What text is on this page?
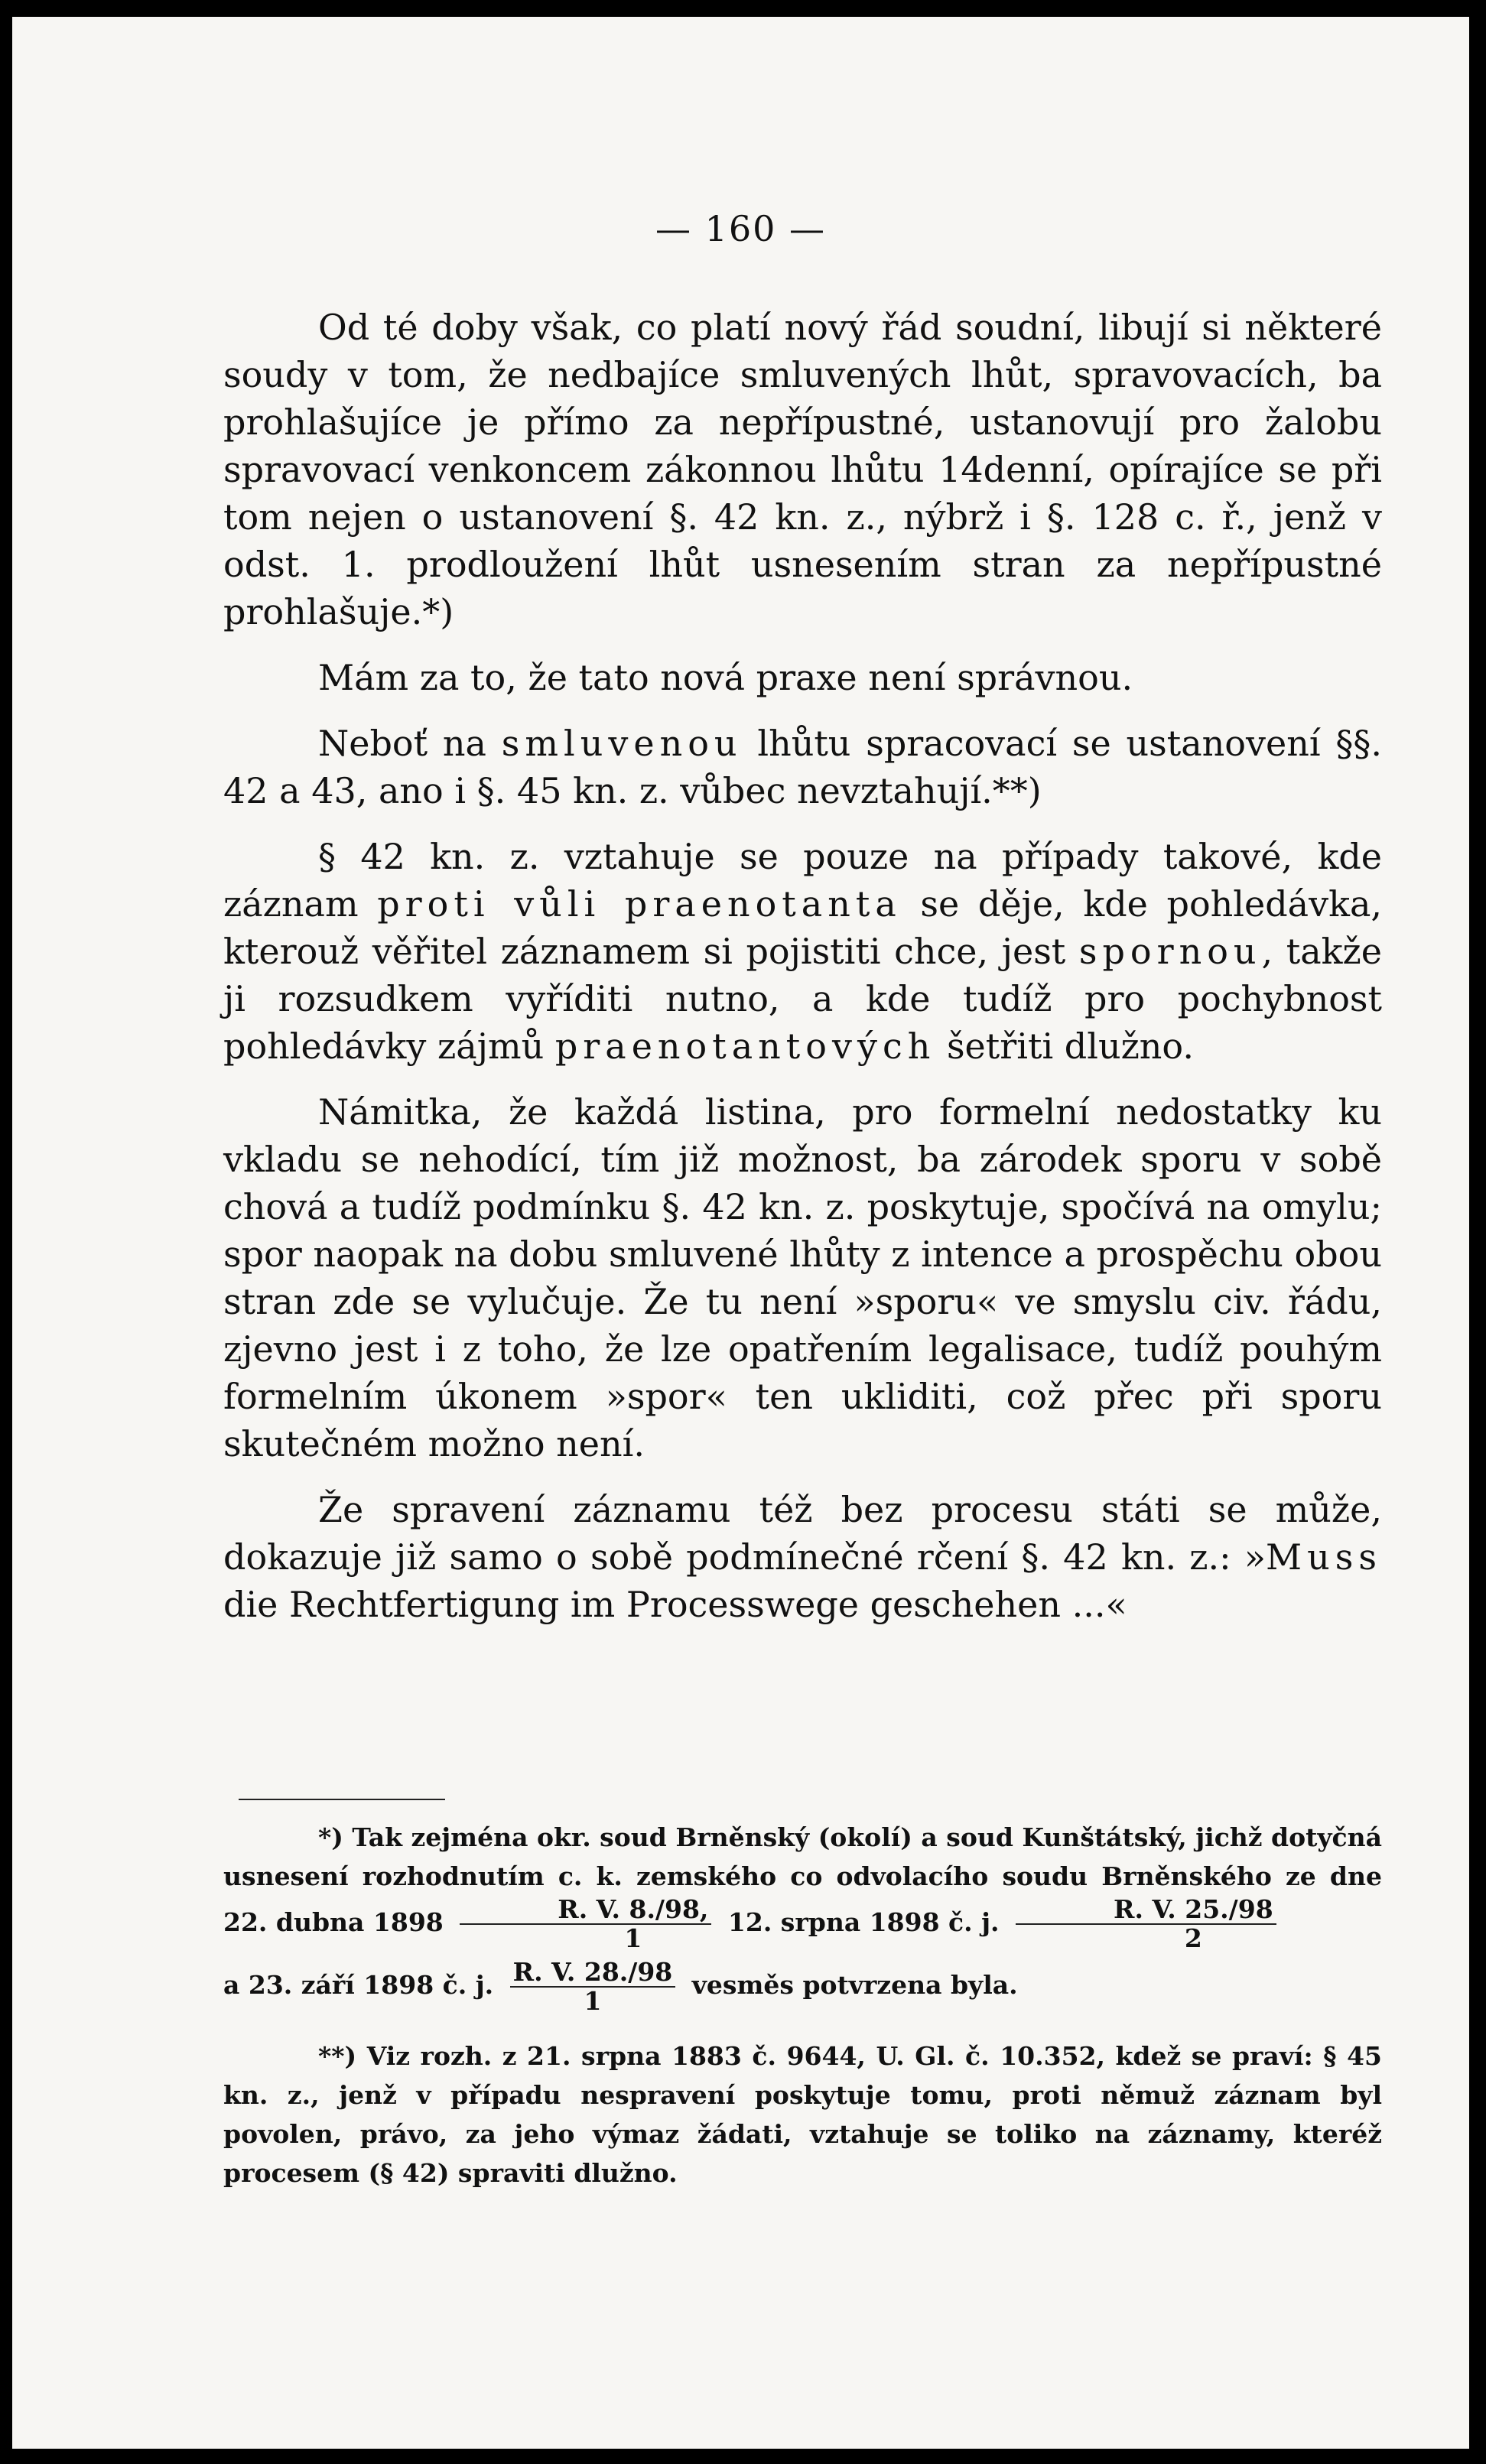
— 160 —

Od té doby však, co platí nový řád soudní, libují si některé soudy v tom, že nedbajíce smluvených lhůt, spravovacích, ba prohlašujíce je přímo za nepřípustné, ustanovují pro žalobu spravovací venkoncem zákonnou lhůtu 14denní, opírajíce se při tom nejen o ustanovení §. 42 kn. z., nýbrž i §. 128 c. ř., jenž v odst. 1. prodloužení lhůt usnesením stran za nepřípustné prohlašuje.*)

Mám za to, že tato nová praxe není správnou.

Neboť na smluvenou lhůtu spracovací se ustanovení §§. 42 a 43, ano i §. 45 kn. z. vůbec nevztahují.**)

§ 42 kn. z. vztahuje se pouze na případy takové, kde záznam proti vůli praenotanta se děje, kde pohledávka, kterouž věřitel záznamem si pojistiti chce, jest spornou, takže ji rozsudkem vyříditi nutno, a kde tudíž pro pochybnost pohledávky zájmů praenotantových šetřiti dlužno.

Námitka, že každá listina, pro formelní nedostatky ku vkladu se nehodící, tím již možnost, ba zárodek sporu v sobě chová a tudíž podmínku §. 42 kn. z. poskytuje, spočívá na omylu; spor naopak na dobu smluvené lhůty z intence a prospěchu obou stran zde se vylučuje. Že tu není »sporu« ve smyslu civ. řádu, zjevno jest i z toho, že lze opatřením legalisace, tudíž pouhým formelním úkonem »spor« ten ukliditi, což přec při sporu skutečném možno není.

Že spravení záznamu též bez procesu státi se může, dokazuje již samo o sobě podmínečné rčení §. 42 kn. z.: »Muss die Rechtfertigung im Processwege geschehen ...«

*) Tak zejména okr. soud Brněnský (okolí) a soud Kunštátský, jichž dotyčná usnesení rozhodnutím c. k. zemského co odvolacího soudu Brněnského ze dne 22. dubna $1898 \frac{R. V. 8./98,}{1} 12$. srpna 1898 č. j. $\frac{R. V. 25./98}{2}$

a 23. září 1898 č. j. $\frac{R. V. 28./98}{1}$ vesměs potvrzena byla.

**) Viz rozh. z 21. srpna 1883 č. 9644, U. Gl. č. 10.352, kdež se praví: § 45 kn. z., jenž v případu nespravení poskytuje tomu, proti němuž záznam byl povolen, právo, za jeho výmaz žádati, vztahuje se toliko na záznamy, kteréž procesem (§ 42) spraviti dlužno.
